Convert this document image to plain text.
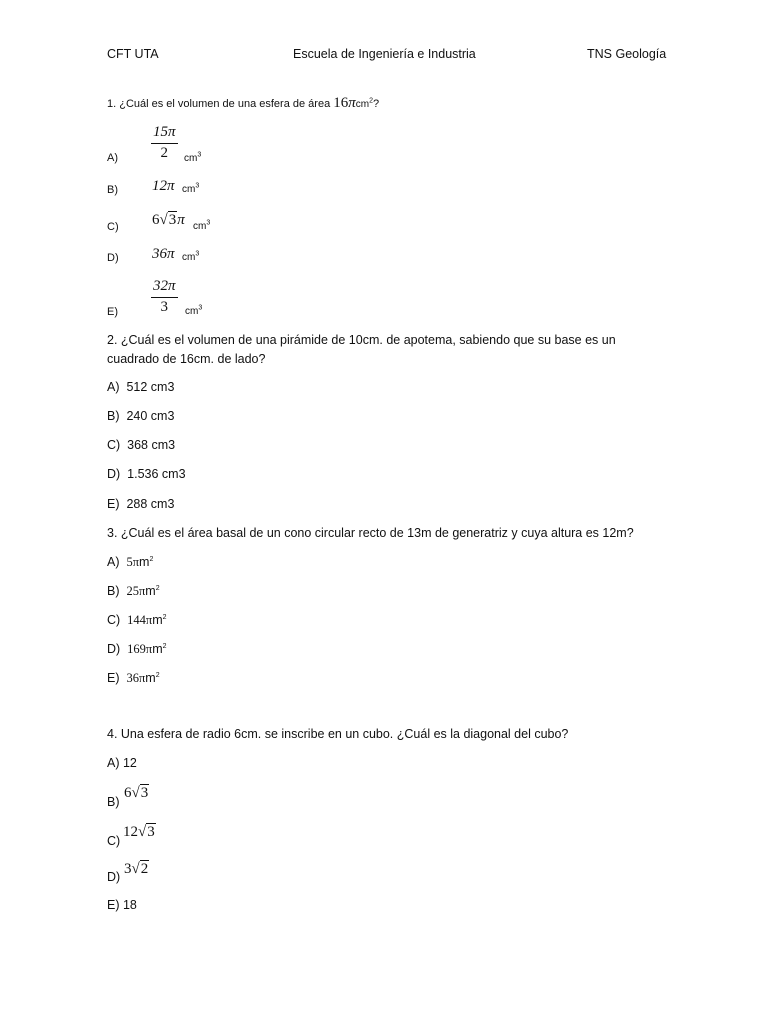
CFT UTA	Escuela de Ingeniería e Industria	TNS Geología
1. ¿Cuál es el volumen de una esfera de área 16πcm$^2$?
A)
15π
2	$cm^3$
B) 12π $cm^3$
C) 6√3π $cm^3$
D) 36π $cm^3$
E)
32π
3	$cm^3$
2. ¿Cuál es el volumen de una pirámide de 10cm. de apotema, sabiendo que su base es un
cuadrado de 16cm. de lado?
A) 512 cm3
B) 240 cm3
C) 368 cm3
D) 1.536 cm3
E) 288 cm3
3. ¿Cuál es el área basal de un cono circular recto de 13m de generatriz y cuya altura es 12m?
A) $5\pi m^2$
B) $25\pi m^2$
C) $144\pi m^2$
D) $169\pi m^2$
E) $36\pi m^2$
4. Una esfera de radio 6cm. se inscribe en un cubo. ¿Cuál es la diagonal del cubo?
A) 12
B)
6√3
C)
12√3
D) 3√2
E) 18
